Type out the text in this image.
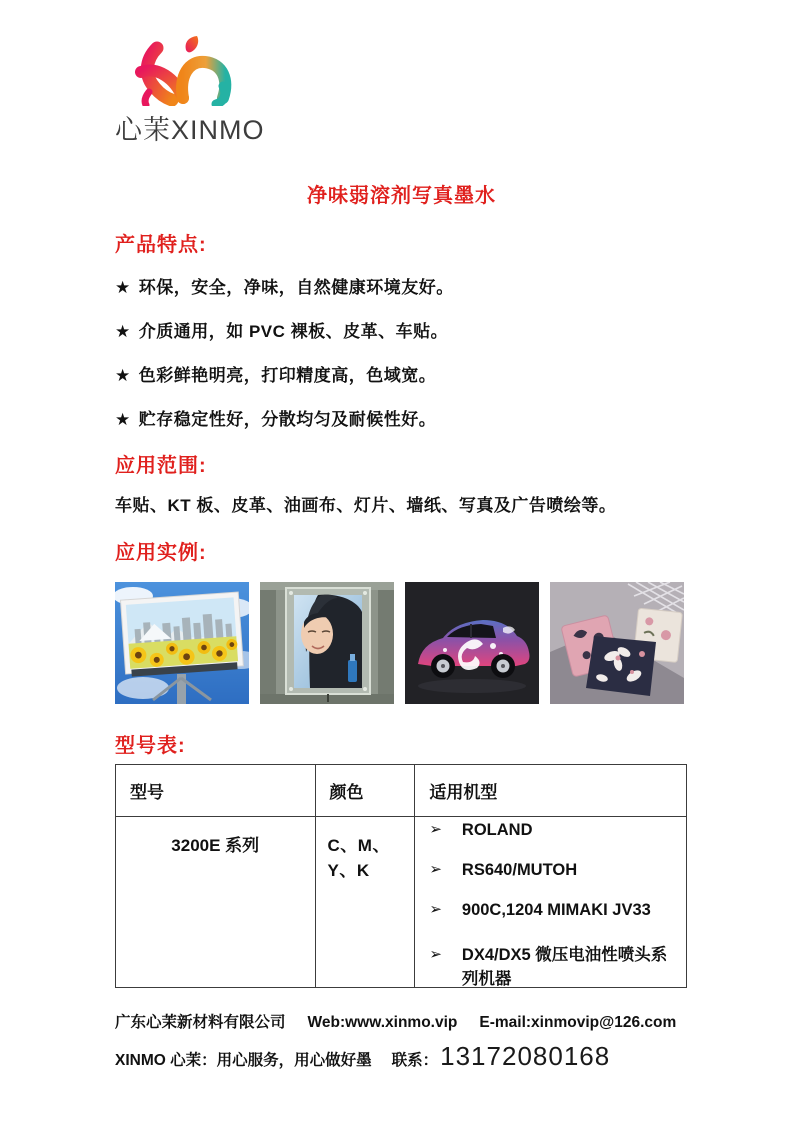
心茉XINMO
净味弱溶剂写真墨水
产品特点:
★ 环保，安全，净味，自然健康环境友好。
★ 介质通用，如 PVC 裸板、皮革、车贴。
★ 色彩鲜艳明亮，打印精度高，色域宽。
★ 贮存稳定性好，分散均匀及耐候性好。
应用范围:
车贴、KT 板、皮革、油画布、灯片、墙纸、写真及广告喷绘等。
应用实例:
型号表:
型号	颜色	适用机型
3200E 系列	C、M、Y、K	
➢ ROLAND
➢ RS640/MUTOH
➢ 900C,1204 MIMAKI JV33
➢ DX4/DX5 微压电油性喷头系列机器
广东心茉新材料有限公司 Web:www.xinmo.vip E-mail:xinmovip@126.com
XINMO 心茉：用心服务，用心做好墨 联系： 13172080168
